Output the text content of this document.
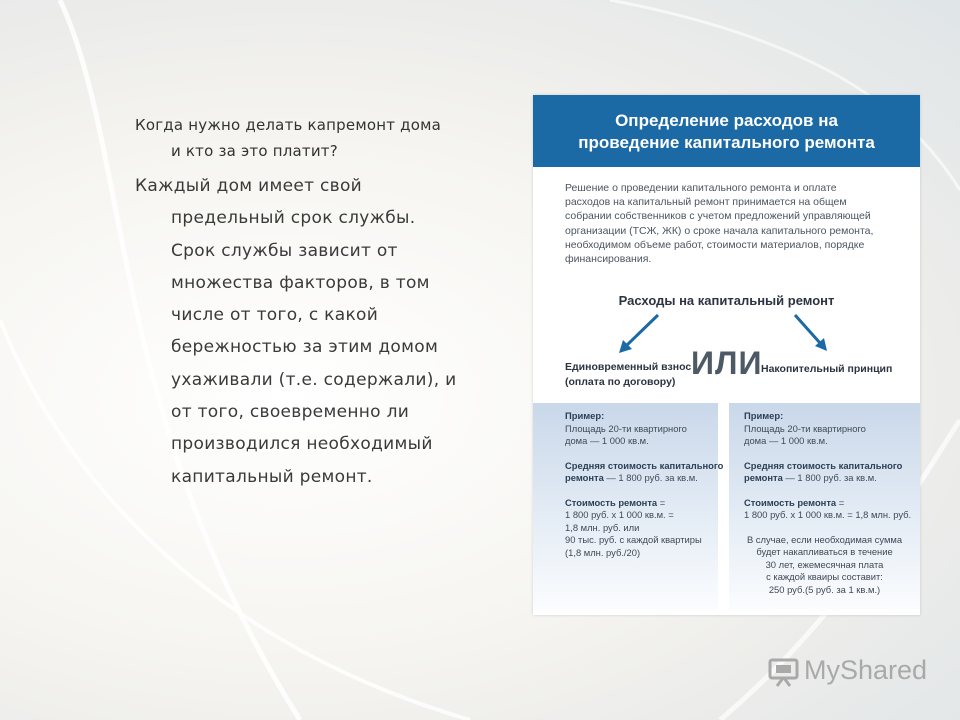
Когда нужно делать капремонт дома
и кто за это платит?
Каждый дом имеет свой
предельный срок службы.
Срок службы зависит от
множества факторов, в том
числе от того, с какой
бережностью за этим домом
ухаживали (т.е. содержали), и
от того, своевременно ли
производился необходимый
капитальный ремонт.
Определение расходов на
проведение капитального ремонта
Решение о проведении капитального ремонта и оплате
расходов на капитальный ремонт принимается на общем
собрании собственников с учетом предложений управляющей
организации (ТСЖ, ЖК) о сроке начала капитального ремонта,
необходимом объеме работ, стоимости материалов, порядке
финансирования.
Расходы на капитальный ремонт
Единовременный взнос
(оплата по договору)
ИЛИ
Накопительный принцип
Пример:
Площадь 20-ти квартирного
дома — 1 000 кв.м.
Средняя стоимость капитального
ремонта — 1 800 руб. за кв.м.
Стоимость ремонта =
1 800 руб. х 1 000 кв.м. =
1,8 млн. руб. или
90 тыс. руб. с каждой квартиры
(1,8 млн. руб./20)
Пример:
Площадь 20-ти квартирного
дома — 1 000 кв.м.
Средняя стоимость капитального
ремонта — 1 800 руб. за кв.м.
Стоимость ремонта =
1 800 руб. х 1 000 кв.м. = 1,8 млн. руб.
В случае, если необходимая сумма
будет накапливаться в течение
30 лет, ежемесячная плата
с каждой кваиры составит:
250 руб.(5 руб. за 1 кв.м.)
MyShared
